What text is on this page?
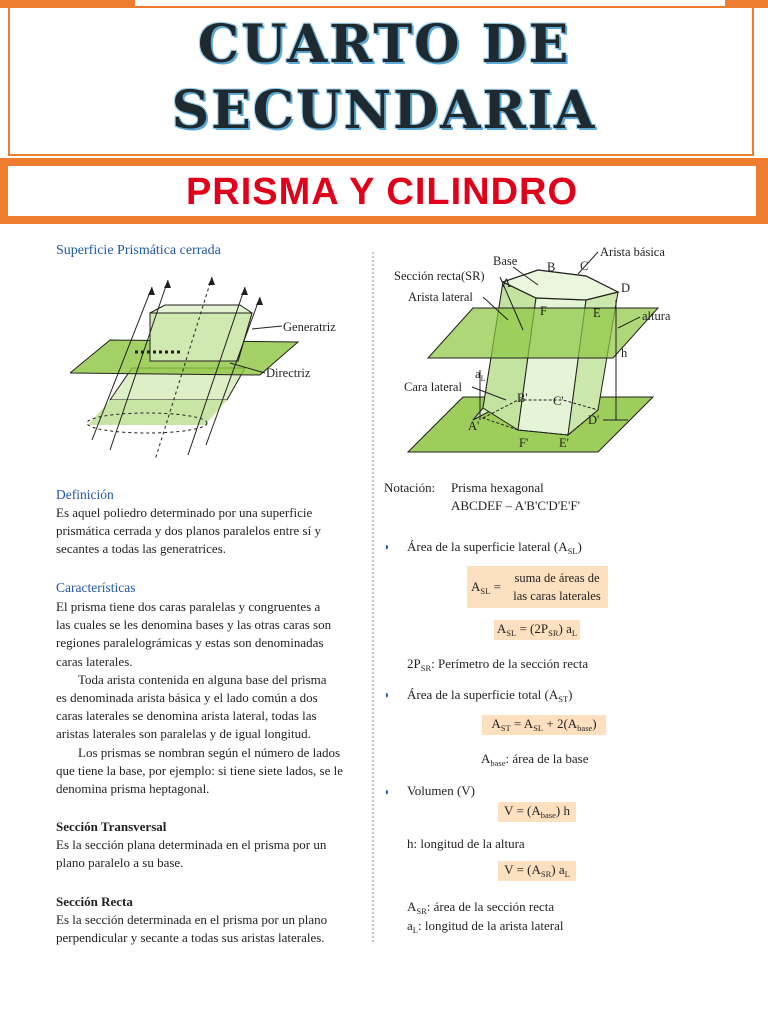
CUARTO DE
SECUNDARIA
PRISMA Y CILINDRO
Superficie Prismática cerrada
Generatriz
Directriz
Definición
Es aquel poliedro determinado por una superficie
prismática cerrada y dos planos paralelos entre sí y
secantes a todas las generatrices.
Características
El prisma tiene dos caras paralelas y congruentes a
las cuales se les denomina bases y las otras caras son
regiones paralelográmicas y estas son denominadas
caras laterales.
Toda arista contenida en alguna base del prisma
es denominada arista básica y el lado común a dos
caras laterales se denomina arista lateral, todas las
aristas laterales son paralelas y de igual longitud.
Los prismas se nombran según el número de lados
que tiene la base, por ejemplo: si tiene siete lados, se le
denomina prisma heptagonal.
Sección Transversal
Es la sección plana determinada en el prisma por un
plano paralelo a su base.
Sección Recta
Es la sección determinada en el prisma por un plano
perpendicular y secante a todas sus aristas laterales.
Base
Arista básica
Sección recta(SR)
Arista lateral
Cara lateral
altura
h
$a_L$
A
B C
D
E
F
A'
B' C'
D'
E'
F'
Notación: Prisma hexagonal
ABCDEF – A'B'C'D'E'F'
◗ Área de la superficie lateral $(A_{SL})$
$A_{SL}$ =
suma de áreas de
las caras laterales
$A_{SL} = (2P_{SR})$ $a_L$
$2P_{SR}$: Perímetro de la sección recta
◗ Área de la superficie total $(A_{ST})$
$A_{ST} = A_{SL} + 2(A_{base})$
$A_{base}$: área de la base
◗ Volumen (V)
$V = (A_{base})$ h
h: longitud de la altura
$V = (A_{SR})$ $a_L$
$A_{SR}$: área de la sección recta
$a_L$: longitud de la arista lateral
